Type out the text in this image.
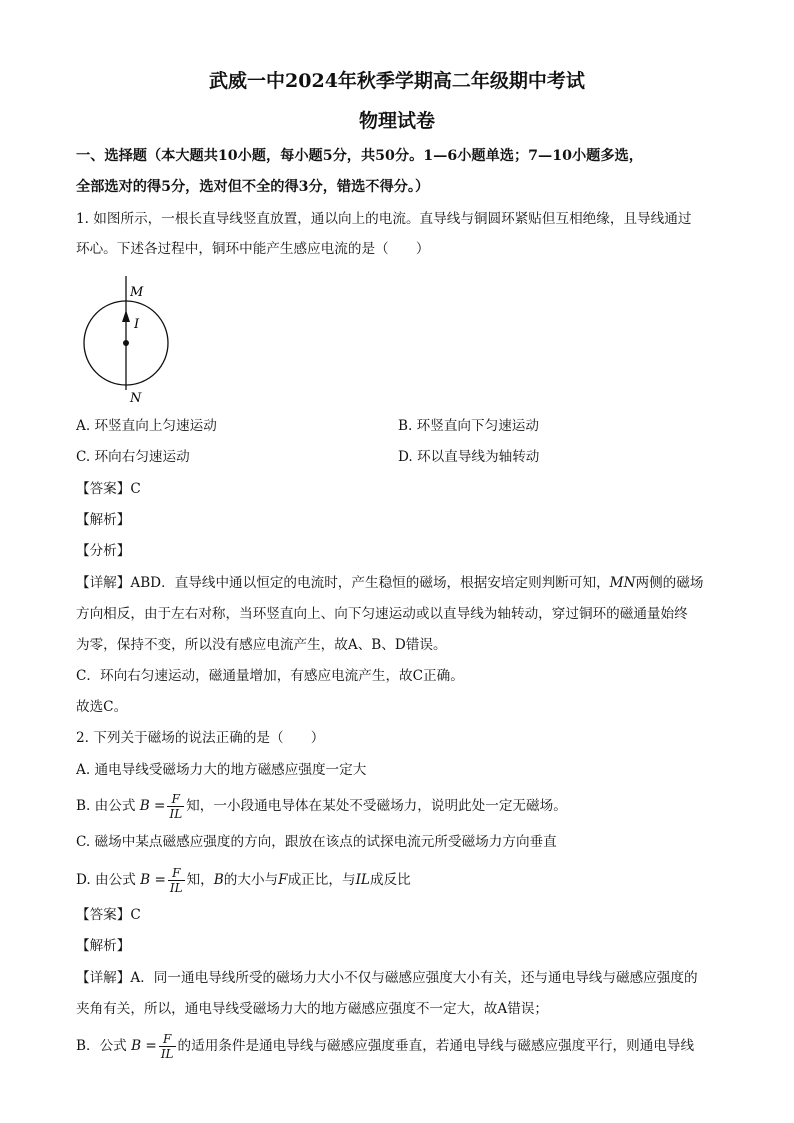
武威一中2024年秋季学期高二年级期中考试
物理试卷
一、选择题（本大题共10小题，每小题5分，共50分。1—6小题单选；7—10小题多选，
全部选对的得5分，选对但不全的得3分，错选不得分。）
1. 如图所示，一根长直导线竖直放置，通以向上的电流。直导线与铜圆环紧贴但互相绝缘，且导线通过
环心。下述各过程中，铜环中能产生感应电流的是（　　）
M
I
N
A. 环竖直向上匀速运动	B. 环竖直向下匀速运动
C. 环向右匀速运动	D. 环以直导线为轴转动
【答案】C
【解析】
【分析】
【详解】ABD．直导线中通以恒定的电流时，产生稳恒的磁场，根据安培定则判断可知，MN两侧的磁场
方向相反，由于左右对称，当环竖直向上、向下匀速运动或以直导线为轴转动，穿过铜环的磁通量始终
为零，保持不变，所以没有感应电流产生，故A、B、D错误。
C．环向右匀速运动，磁通量增加，有感应电流产生，故C正确。
故选C。
2. 下列关于磁场的说法正确的是（　　）
A. 通电导线受磁场力大的地方磁感应强度一定大
B. 由公式 $B = \frac{F}{IL}$ 知，一小段通电导体在某处不受磁场力，说明此处一定无磁场。
C. 磁场中某点磁感应强度的方向，跟放在该点的试探电流元所受磁场力方向垂直
D. 由公式 $B = \frac{F}{IL}$ 知，B的大小与F成正比，与IL成反比
【答案】C
【解析】
【详解】A．同一通电导线所受的磁场力大小不仅与磁感应强度大小有关，还与通电导线与磁感应强度的
夹角有关，所以，通电导线受磁场力大的地方磁感应强度不一定大，故A错误；
B．公式 $B = \frac{F}{IL}$ 的适用条件是通电导线与磁感应强度垂直，若通电导线与磁感应强度平行，则通电导线
